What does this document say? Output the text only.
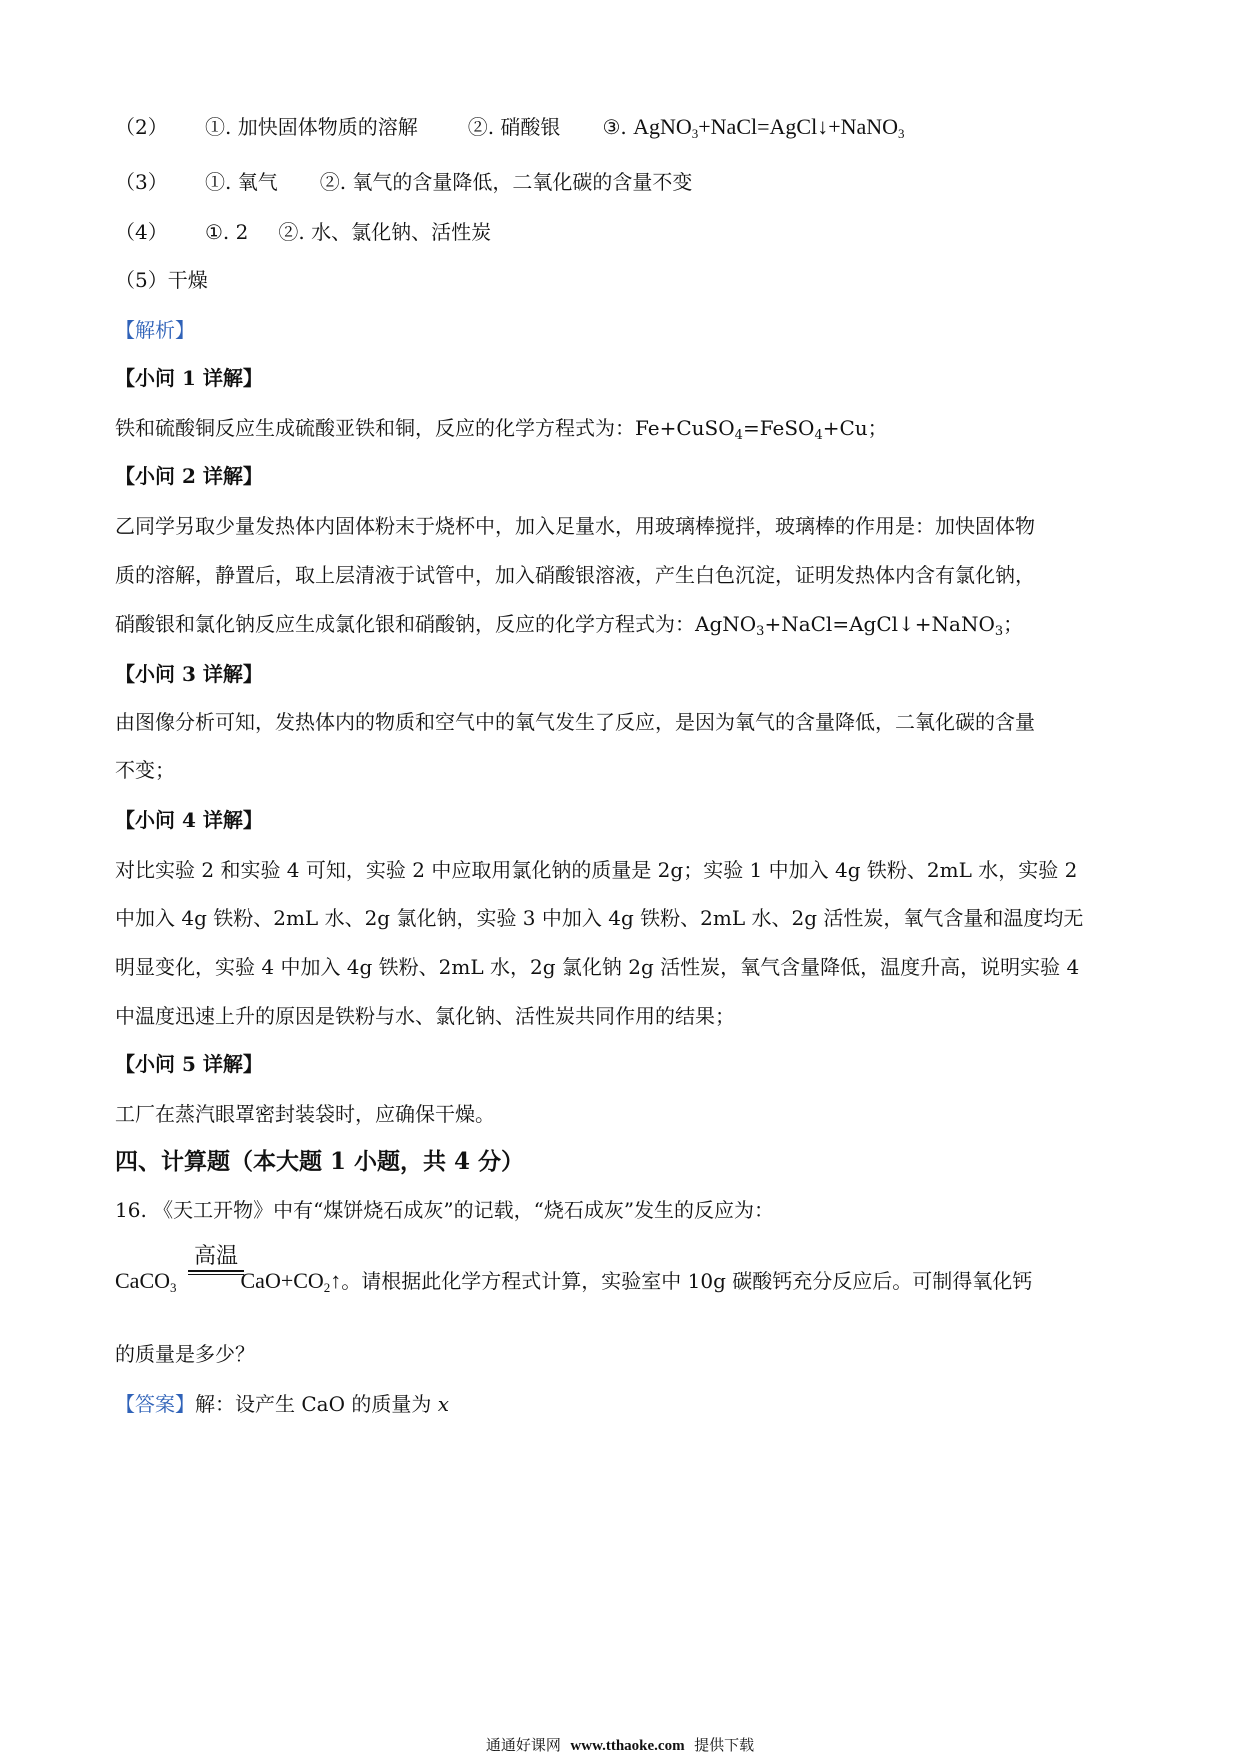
（2） ①. 加快固体物质的溶解	②. 硝酸银 ③. AgNO$_3$+NaCl=AgCl↓+NaNO$_3$
（3） ①. 氧气 ②. 氧气的含量降低，二氧化碳的含量不变
（4） ①. 2 ②. 水、氯化钠、活性炭
（5）干燥
【解析】
【小问 1 详解】
铁和硫酸铜反应生成硫酸亚铁和铜，反应的化学方程式为：Fe+CuSO$_4$=FeSO$_4$+Cu；
【小问 2 详解】
乙同学另取少量发热体内固体粉末于烧杯中，加入足量水，用玻璃棒搅拌，玻璃棒的作用是：加快固体物
质的溶解，静置后，取上层清液于试管中，加入硝酸银溶液，产生白色沉淀，证明发热体内含有氯化钠，
硝酸银和氯化钠反应生成氯化银和硝酸钠，反应的化学方程式为：AgNO$_3$+NaCl=AgCl↓+NaNO$_3$；
【小问 3 详解】
由图像分析可知，发热体内的物质和空气中的氧气发生了反应，是因为氧气的含量降低，二氧化碳的含量
不变；
【小问 4 详解】
对比实验 2 和实验 4 可知，实验 2 中应取用氯化钠的质量是 2g；实验 1 中加入 4g 铁粉、2mL 水，实验 2
中加入 4g 铁粉、2mL 水、2g 氯化钠，实验 3 中加入 4g 铁粉、2mL 水、2g 活性炭，氧气含量和温度均无
明显变化，实验 4 中加入 4g 铁粉、2mL 水，2g 氯化钠 2g 活性炭，氧气含量降低，温度升高，说明实验 4
中温度迅速上升的原因是铁粉与水、氯化钠、活性炭共同作用的结果；
【小问 5 详解】
工厂在蒸汽眼罩密封装袋时，应确保干燥。
四、计算题（本大题 1 小题，共 4 分）
16. 《天工开物》中有“煤饼烧石成灰”的记载，“烧石成灰”发生的反应为：
高温
CaCO$_3$	$CaO+CO_2↑$。请根据此化学方程式计算，实验室中 10g 碳酸钙充分反应后。可制得氧化钙
的质量是多少？
【答案】解：设产生 CaO 的质量为 x
通通好课网 www.tthaoke.com 提供下载
